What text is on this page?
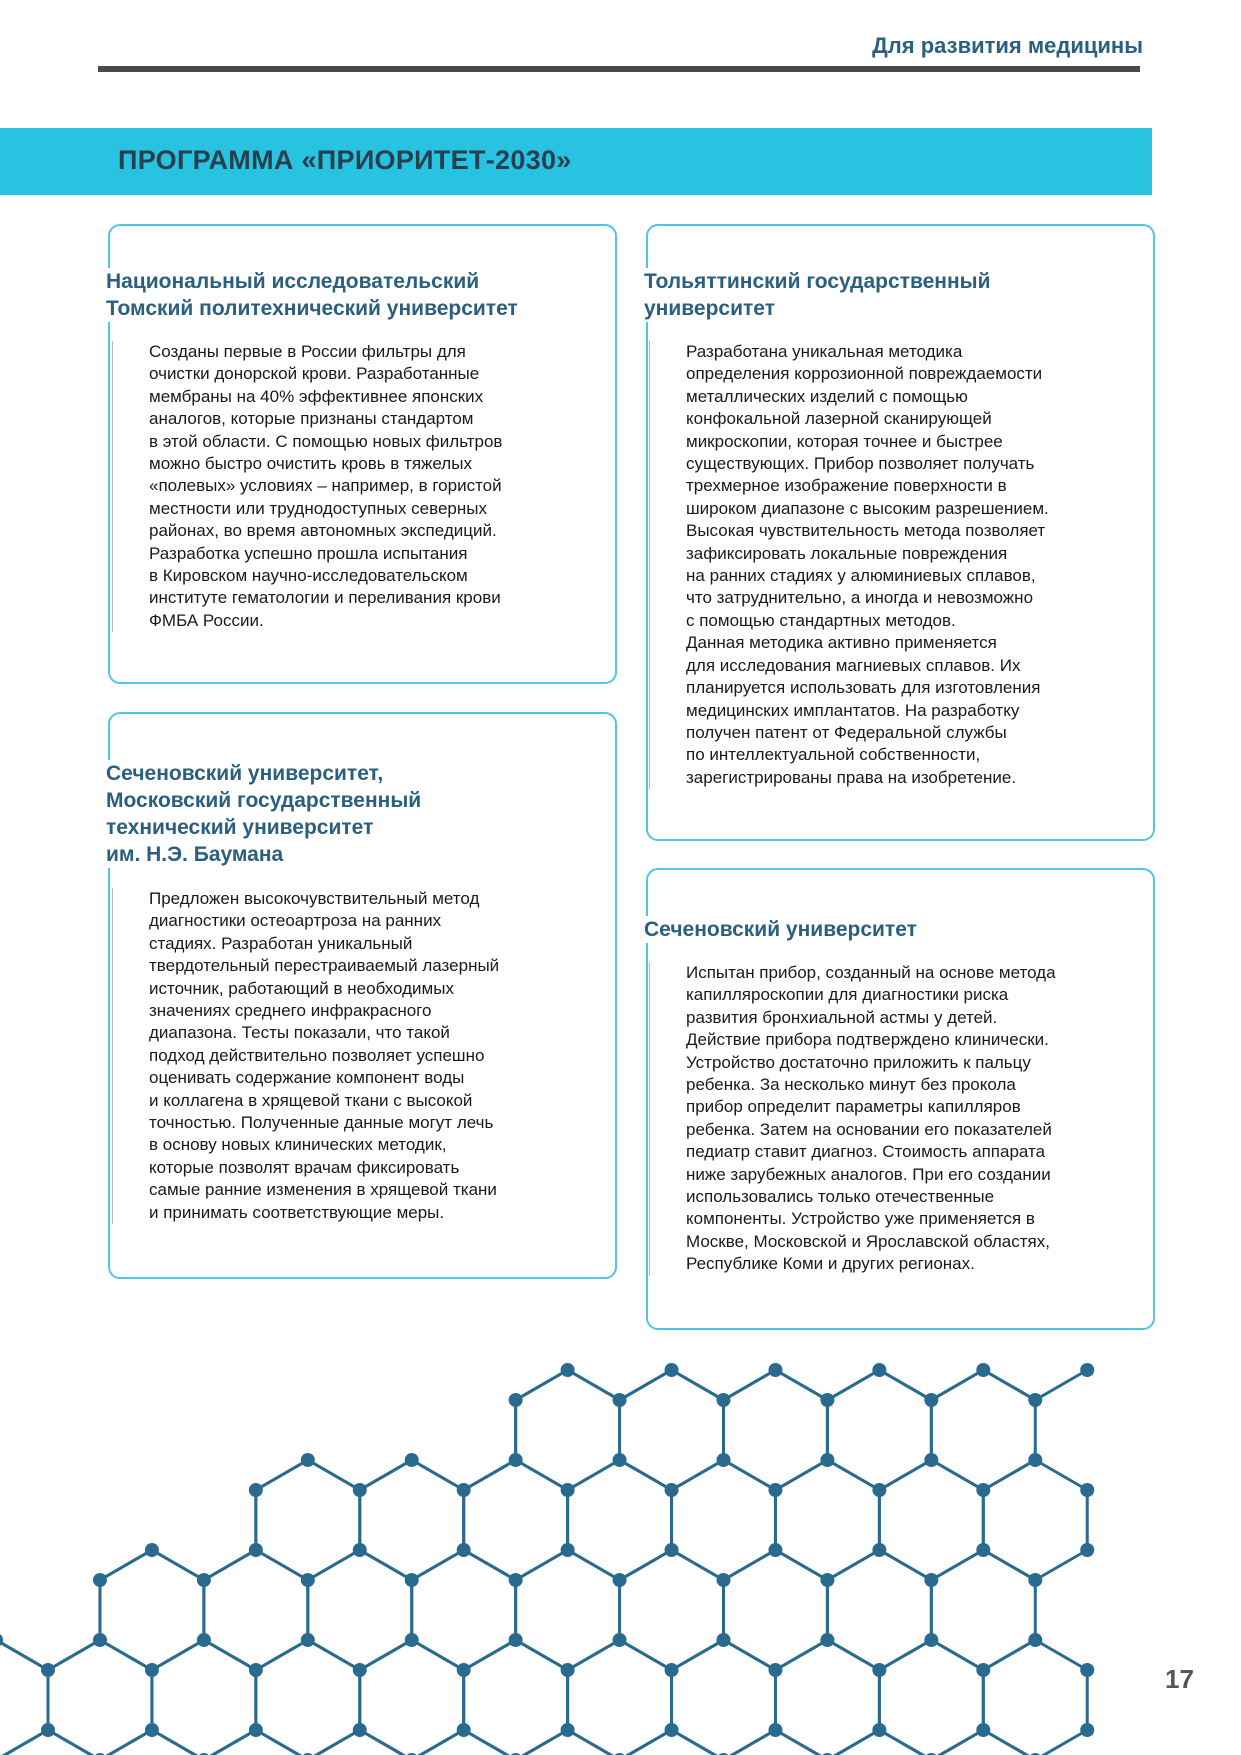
Для развития медицины
ПРОГРАММА «ПРИОРИТЕТ-2030»
Национальный исследовательский
Томский политехнический университет
Созданы первые в России фильтры для
очистки донорской крови. Разработанные
мембраны на 40% эффективнее японских
аналогов, которые признаны стандартом
в этой области. С помощью новых фильтров
можно быстро очистить кровь в тяжелых
«полевых» условиях – например, в гористой
местности или труднодоступных северных
районах, во время автономных экспедиций.
Разработка успешно прошла испытания
в Кировском научно-исследовательском
институте гематологии и переливания крови
ФМБА России.
Тольяттинский государственный
университет
Разработана уникальная методика
определения коррозионной повреждаемости
металлических изделий с помощью
конфокальной лазерной сканирующей
микроскопии, которая точнее и быстрее
существующих. Прибор позволяет получать
трехмерное изображение поверхности в
широком диапазоне с высоким разрешением.
Высокая чувствительность метода позволяет
зафиксировать локальные повреждения
на ранних стадиях у алюминиевых сплавов,
что затруднительно, а иногда и невозможно
с помощью стандартных методов.
Данная методика активно применяется
для исследования магниевых сплавов. Их
планируется использовать для изготовления
медицинских имплантатов. На разработку
получен патент от Федеральной службы
по интеллектуальной собственности,
зарегистрированы права на изобретение.
Сеченовский университет,
Московский государственный
технический университет
им. Н.Э. Баумана
Предложен высокочувствительный метод
диагностики остеоартроза на ранних
стадиях. Разработан уникальный
твердотельный перестраиваемый лазерный
источник, работающий в необходимых
значениях среднего инфракрасного
диапазона. Тесты показали, что такой
подход действительно позволяет успешно
оценивать содержание компонент воды
и коллагена в хрящевой ткани с высокой
точностью. Полученные данные могут лечь
в основу новых клинических методик,
которые позволят врачам фиксировать
самые ранние изменения в хрящевой ткани
и принимать соответствующие меры.
Сеченовский университет
Испытан прибор, созданный на основе метода
капилляроскопии для диагностики риска
развития бронхиальной астмы у детей.
Действие прибора подтверждено клинически.
Устройство достаточно приложить к пальцу
ребенка. За несколько минут без прокола
прибор определит параметры капилляров
ребенка. Затем на основании его показателей
педиатр ставит диагноз. Стоимость аппарата
ниже зарубежных аналогов. При его создании
использовались только отечественные
компоненты. Устройство уже применяется в
Москве, Московской и Ярославской областях,
Республике Коми и других регионах.
17
